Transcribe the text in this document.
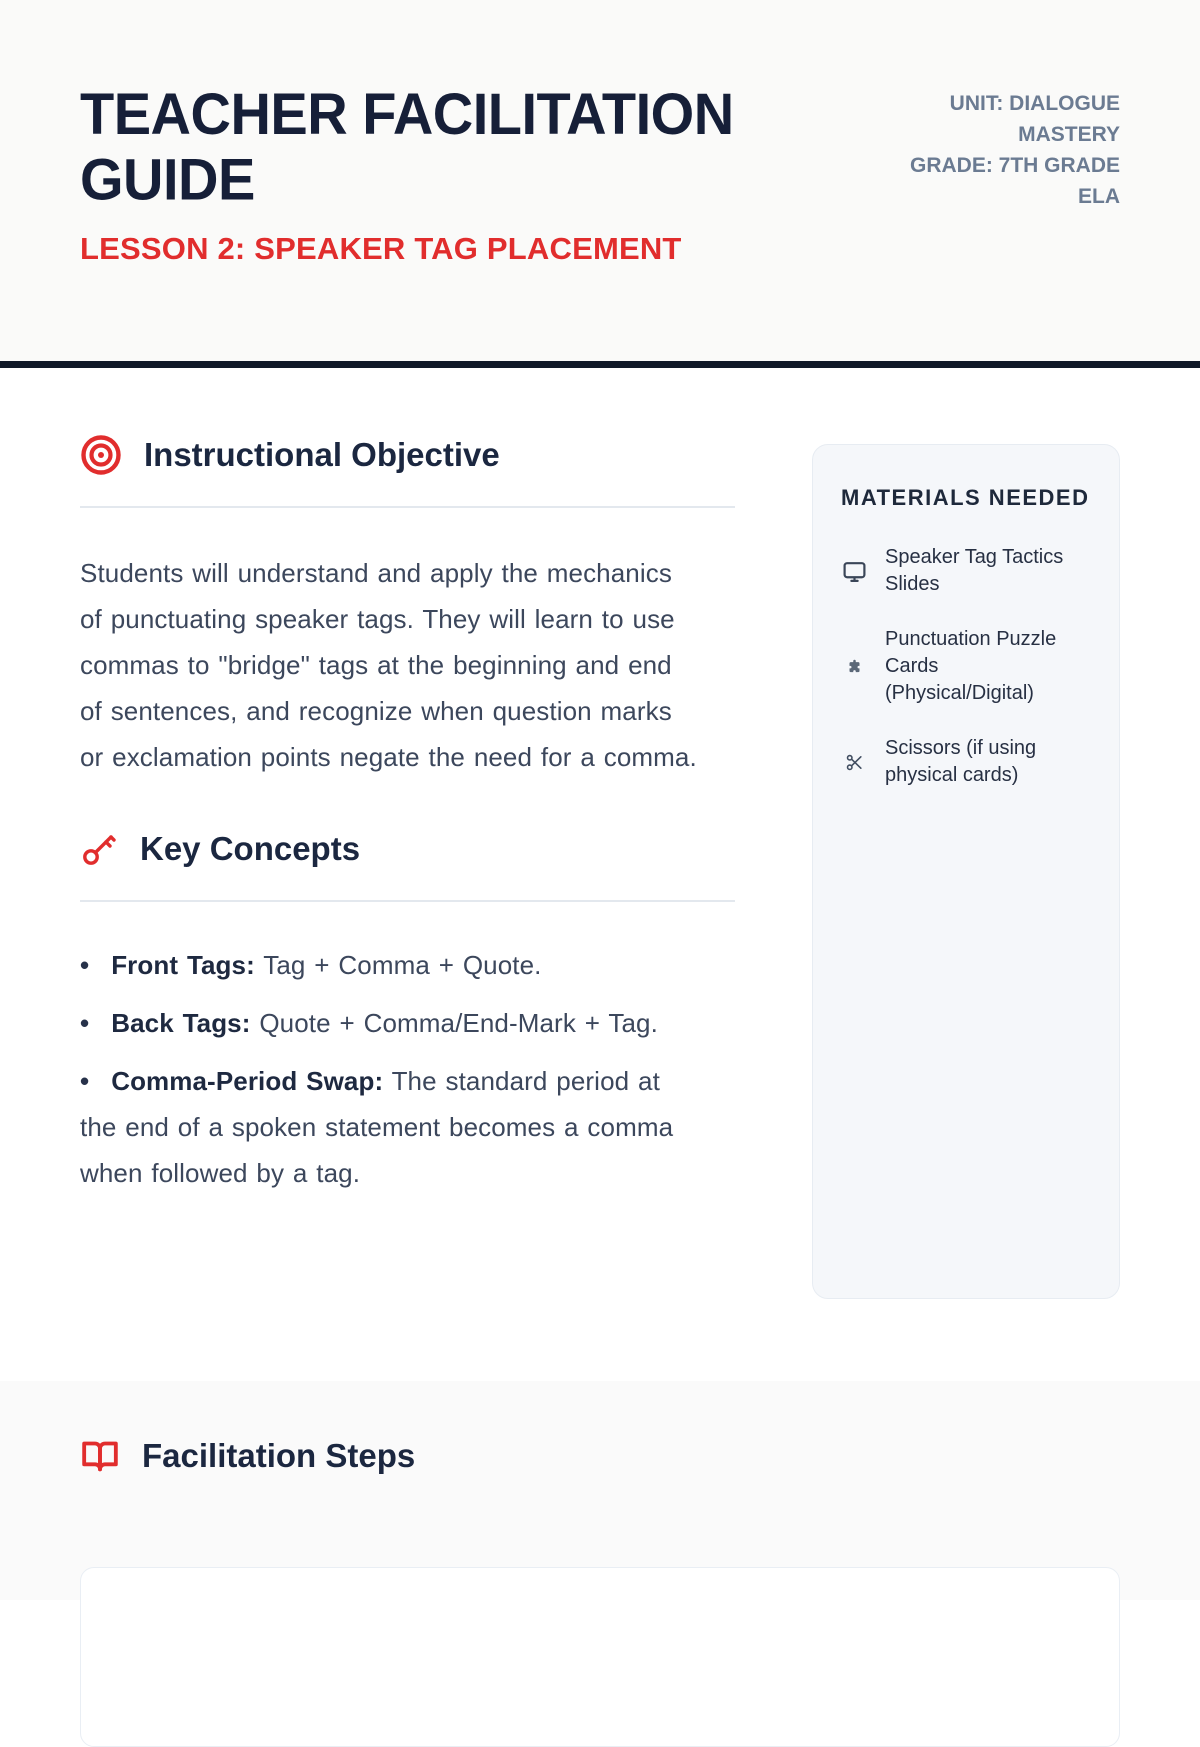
TEACHER FACILITATION GUIDE
LESSON 2: SPEAKER TAG PLACEMENT
UNIT: DIALOGUE MASTERY
GRADE: 7TH GRADE ELA
Instructional Objective

Students will understand and apply the mechanics of punctuating speaker tags. They will learn to use commas to "bridge" tags at the beginning and end of sentences, and recognize when question marks or exclamation points negate the need for a comma.

Key Concepts
• Front Tags: Tag + Comma + Quote.
• Back Tags: Quote + Comma/End-Mark + Tag.
• Comma-Period Swap: The standard period at the end of a spoken statement becomes a comma when followed by a tag.
MATERIALS NEEDED
Speaker Tag Tactics Slides
Punctuation Puzzle Cards (Physical/Digital)
Scissors (if using physical cards)
Facilitation Steps
